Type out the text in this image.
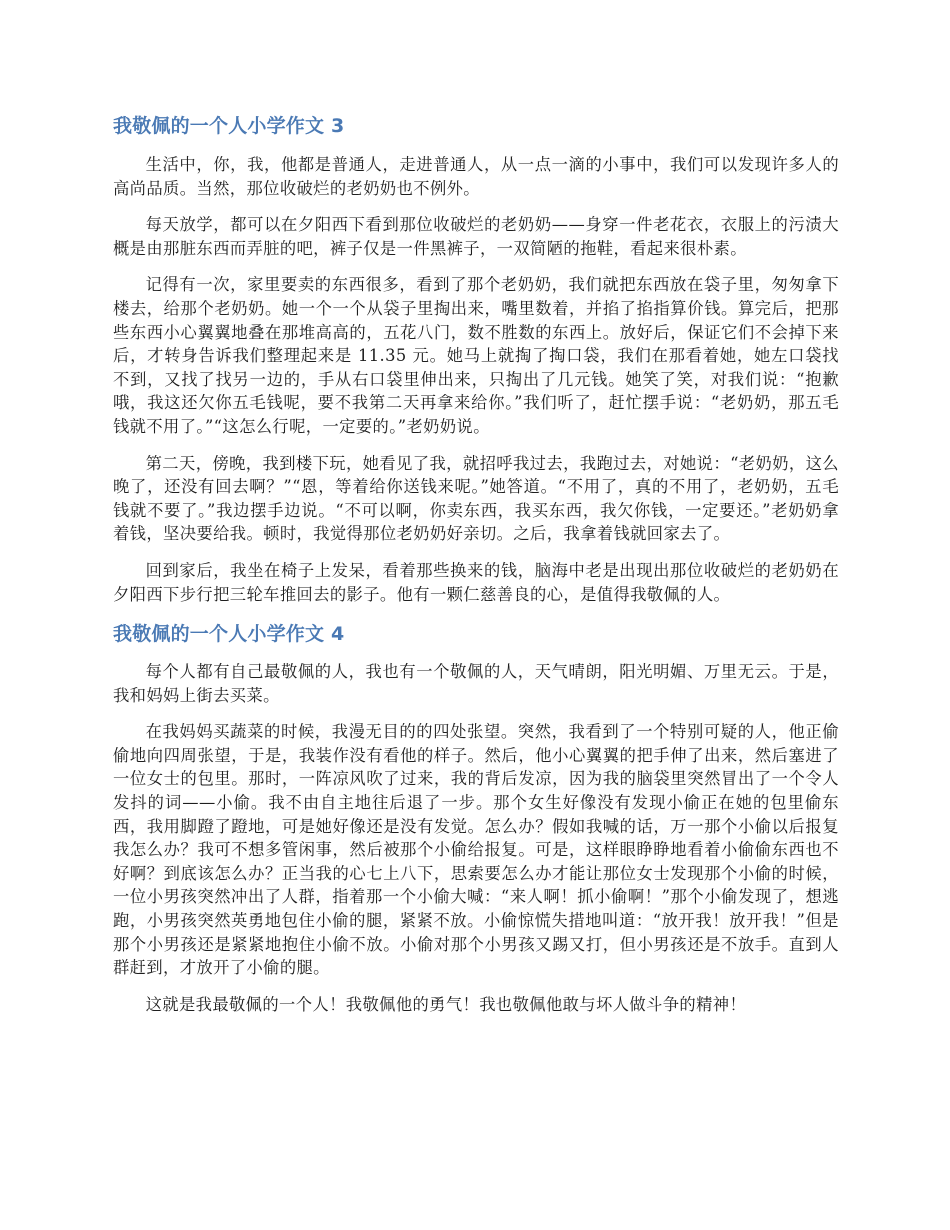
我敬佩的一个人小学作文 3

生活中，你，我，他都是普通人，走进普通人，从一点一滴的小事中，我们可以发现许多人的高尚品质。当然，那位收破烂的老奶奶也不例外。

每天放学，都可以在夕阳西下看到那位收破烂的老奶奶——身穿一件老花衣，衣服上的污渍大概是由那脏东西而弄脏的吧，裤子仅是一件黑裤子，一双简陋的拖鞋，看起来很朴素。

记得有一次，家里要卖的东西很多，看到了那个老奶奶，我们就把东西放在袋子里，匆匆拿下楼去，给那个老奶奶。她一个一个从袋子里掏出来，嘴里数着，并掐了掐指算价钱。算完后，把那些东西小心翼翼地叠在那堆高高的，五花八门，数不胜数的东西上。放好后，保证它们不会掉下来后，才转身告诉我们整理起来是 11.35 元。她马上就掏了掏口袋，我们在那看着她，她左口袋找不到，又找了找另一边的，手从右口袋里伸出来，只掏出了几元钱。她笑了笑，对我们说：“抱歉哦，我这还欠你五毛钱呢，要不我第二天再拿来给你。”我们听了，赶忙摆手说：“老奶奶，那五毛钱就不用了。”“这怎么行呢，一定要的。”老奶奶说。

第二天，傍晚，我到楼下玩，她看见了我，就招呼我过去，我跑过去，对她说：“老奶奶，这么晚了，还没有回去啊？”“恩，等着给你送钱来呢。”她答道。“不用了，真的不用了，老奶奶，五毛钱就不要了。”我边摆手边说。“不可以啊，你卖东西，我买东西，我欠你钱，一定要还。”老奶奶拿着钱，坚决要给我。顿时，我觉得那位老奶奶好亲切。之后，我拿着钱就回家去了。

回到家后，我坐在椅子上发呆，看着那些换来的钱，脑海中老是出现出那位收破烂的老奶奶在夕阳西下步行把三轮车推回去的影子。他有一颗仁慈善良的心，是值得我敬佩的人。

我敬佩的一个人小学作文 4

每个人都有自己最敬佩的人，我也有一个敬佩的人，天气晴朗，阳光明媚、万里无云。于是，我和妈妈上街去买菜。

在我妈妈买蔬菜的时候，我漫无目的的四处张望。突然，我看到了一个特别可疑的人，他正偷偷地向四周张望，于是，我装作没有看他的样子。然后，他小心翼翼的把手伸了出来，然后塞进了一位女士的包里。那时，一阵凉风吹了过来，我的背后发凉，因为我的脑袋里突然冒出了一个令人发抖的词——小偷。我不由自主地往后退了一步。那个女生好像没有发现小偷正在她的包里偷东西，我用脚蹬了蹬地，可是她好像还是没有发觉。怎么办？假如我喊的话，万一那个小偷以后报复我怎么办？我可不想多管闲事，然后被那个小偷给报复。可是，这样眼睁睁地看着小偷偷东西也不好啊？到底该怎么办？正当我的心七上八下，思索要怎么办才能让那位女士发现那个小偷的时候，一位小男孩突然冲出了人群，指着那一个小偷大喊：“来人啊！抓小偷啊！”那个小偷发现了，想逃跑，小男孩突然英勇地包住小偷的腿，紧紧不放。小偷惊慌失措地叫道：“放开我！放开我！”但是那个小男孩还是紧紧地抱住小偷不放。小偷对那个小男孩又踢又打，但小男孩还是不放手。直到人群赶到，才放开了小偷的腿。

这就是我最敬佩的一个人！我敬佩他的勇气！我也敬佩他敢与坏人做斗争的精神！
